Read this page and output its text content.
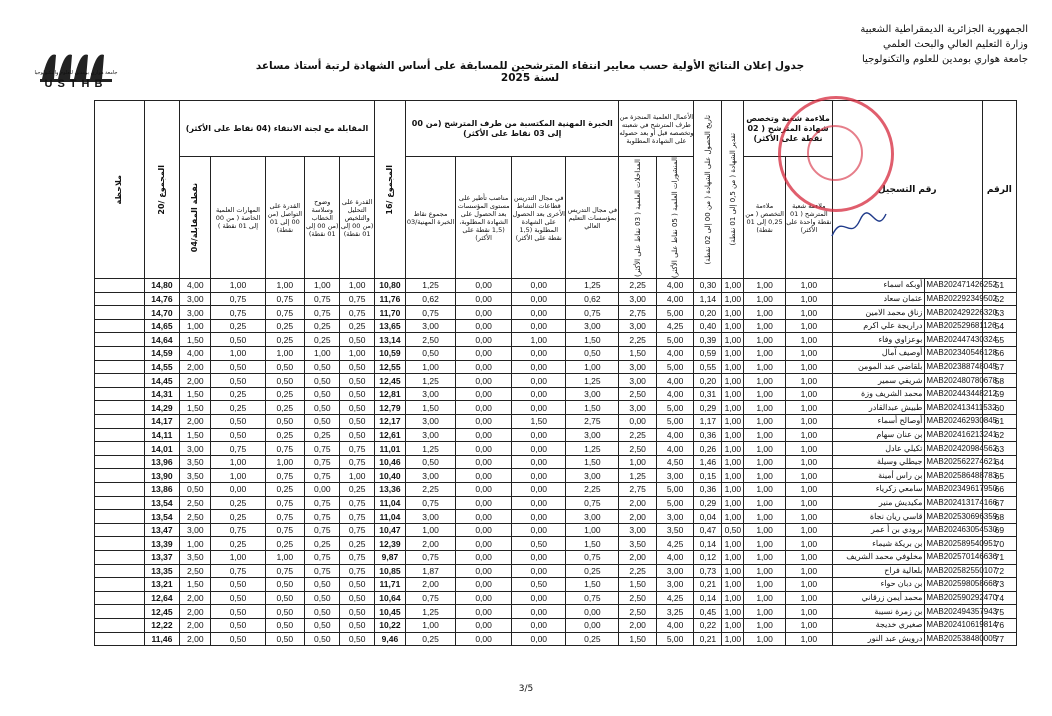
الجمهورية الجزائرية الديمقراطية الشعبية
وزارة التعليم العالي والبحث العلمي
جامعة هواري بومدين للعلوم والتكنولوجيا
جامعة هواري بومدين للعلوم والتكنولوجيا
USTHB
جدول إعلان النتائج الأولية حسب معايير انتقاء المترشحين للمسابقة على أساس الشهادة لرتبة أستاذ مساعد لسنة 2025
الرقم	رقم التسجيل		ملاءمة شعبة وتخصص شهادة المترشح ( 02 نقطة على الأكثر)		تقدير الشهادة ( من 0,5 إلى 01 نقطة)	تاريخ الحصول على الشهادة ( من 00 إلى 02 نقطة)	الأعمال العلمية المنجزة من طرف المترشح في شعبته وتخصصه قبل أو بعد حصوله على الشهادة المطلوبة		الخبرة المهنية المكتسبة من طرف المترشح (من 00 إلى 03 نقاط على الأكثر)				المجموع /16	المقابلة مع لجنة الانتقاء (04 نقاط على الأكثر)					المجموع /20	ملاحظة	

			ملاءمة شعبة المترشح ( 01 نقطة واحدة على الأكثر)	ملاءمة التخصص ( من 0,25 إلى 01 نقطة)			المنشورات العلمية ( 05 نقاط على الأكثر)	المداخلات العلمية ( 03 نقاط على الأكثر)	في مجال التدريس بمؤسسات التعليم العالي	في مجال التدريس قطاعات النشاط الأخرى بعد الحصول على الشهادة المطلوبة (1,5 نقطة على الأكثر)	مناصب تأطير على مستوى المؤسسات بعد الحصول على الشهادة المطلوبة، (1,5 نقطة على الأكثر)	مجموع نقاط الخبرة المهنية/03		القدرة على التحليل والتلخيص (من 00 إلى 01 نقطة)	وضوح وسلاسة الخطاب (من 00 إلى 01 نقطة)	القدرة على التواصل (من 00 إلى 01 نقطة)	المهارات العلمية الخاصة ( من 00 إلى 01 نقطة )	نقطة المقابلة/04			

51	MAB202471426252	أوبكه اسماء	1,00	1,00	1,00	0,30	4,00	2,25	1,25	0,00	0,00	1,25	10,80	1,00	1,00	1,00	1,00	4,00	14,80		
52	MAB202292349502	عثمان سعاد	1,00	1,00	1,00	1,14	4,00	3,00	0,62	0,00	0,00	0,62	11,76	0,75	0,75	0,75	0,75	3,00	14,76		
53	MAB202429226320	زناق محمد الامين	1,00	1,00	1,00	0,20	5,00	2,75	0,75	0,00	0,00	0,75	11,70	0,75	0,75	0,75	0,75	3,00	14,70		
54	MAB202529681126	دراريجة علي اكرم	1,00	1,00	1,00	0,40	4,25	3,00	3,00	0,00	0,00	3,00	13,65	0,25	0,25	0,25	0,25	1,00	14,65		
55	MAB202447430324	بوعزاوي وفاء	1,00	1,00	1,00	0,39	5,00	2,25	1,50	1,00	0,00	2,50	13,14	0,50	0,25	0,25	0,50	1,50	14,64		
56	MAB202340546128	أوصيف آمال	1,00	1,00	1,00	0,59	4,00	1,50	0,50	0,00	0,00	0,50	10,59	1,00	1,00	1,00	1,00	4,00	14,59		
57	MAB202388748045	بلقاضي عبد المومن	1,00	1,00	1,00	0,55	5,00	3,00	1,00	0,00	0,00	1,00	12,55	0,50	0,50	0,50	0,50	2,00	14,55		
58	MAB202480780678	شريفي سمير	1,00	1,00	1,00	0,20	4,00	3,00	1,25	0,00	0,00	1,25	12,45	0,50	0,50	0,50	0,50	2,00	14,45		
59	MAB202443448212	محمد الشريف وزة	1,00	1,00	1,00	0,31	4,00	2,50	3,00	0,00	0,00	3,00	12,81	0,50	0,50	0,25	0,25	1,50	14,31		
60	MAB202413411532	طبيش عبدالقادر	1,00	1,00	1,00	0,29	5,00	3,00	1,50	0,00	0,00	1,50	12,79	0,50	0,50	0,25	0,25	1,50	14,29		
61	MAB202462930845	أوصالح أسماء	1,00	1,00	1,00	1,17	5,00	0,00	2,75	1,50	0,00	3,00	12,17	0,50	0,50	0,50	0,50	2,00	14,17		
62	MAB202416213241	بن عنان سهام	1,00	1,00	1,00	0,36	4,00	2,25	3,00	0,00	0,00	3,00	12,61	0,50	0,25	0,25	0,50	1,50	14,11		
63	MAB202420984562	تكيلي عادل	1,00	1,00	1,00	0,26	4,00	2,50	1,25	0,00	0,00	1,25	11,01	0,75	0,75	0,75	0,75	3,00	14,01		
64	MAB202562274621	جيطلي وسيلة	1,00	1,00	1,00	1,46	4,50	1,00	1,50	0,00	0,00	0,50	10,46	0,75	0,75	1,00	1,00	3,50	13,96		
65	MAB202586488783	بن راس أمينة	1,00	1,00	1,00	0,15	3,00	1,25	3,00	0,00	0,00	3,00	10,40	1,00	0,75	0,75	1,00	3,50	13,90		
66	MAB202349617950	سامعي زكرياء	1,00	1,00	1,00	0,36	5,00	2,75	2,25	0,00	0,00	2,25	13,36	0,25	0,00	0,25	0,00	0,50	13,86		
67	MAB202413174166	مكيديش منير	1,00	1,00	1,00	0,29	5,00	2,00	0,75	0,00	0,00	0,75	11,04	0,75	0,75	0,75	0,25	2,50	13,54		
68	MAB202530696359	قاسي ريان نجاة	1,00	1,00	1,00	0,04	3,00	2,00	3,00	0,00	0,00	3,00	11,04	0,75	0,75	0,75	0,25	2,50	13,54		
69	MAB202463054530	برودي بن أ عمر	1,00	1,00	0,50	0,47	3,50	3,00	1,00	0,00	0,00	1,00	10,47	0,75	0,75	0,75	0,75	3,00	13,47		
70	MAB202589540951	بن بريكة شيماء	1,00	1,00	1,00	0,14	4,25	3,50	1,50	0,50	0,00	2,00	12,39	0,25	0,25	0,25	0,25	1,00	13,39		
71	MAB202570146636	مخلوفي محمد الشريف	1,00	1,00	1,00	0,12	4,00	2,00	0,75	0,00	0,00	0,75	9,87	0,75	0,75	1,00	1,00	3,50	13,37		
72	MAB202582550107	بلعالية فراح	1,00	1,00	1,00	0,73	3,00	2,25	0,25	0,00	0,00	1,87	10,85	0,75	0,75	0,75	0,75	2,50	13,35		
73	MAB202598058668	بن دبان حواء	1,00	1,00	1,00	0,21	3,00	1,50	1,50	0,50	0,00	2,00	11,71	0,50	0,50	0,50	0,50	1,50	13,21		
74	MAB202590292470	محمد أيمن زرقاني	1,00	1,00	1,00	0,14	4,25	2,50	0,75	0,00	0,00	0,75	10,64	0,50	0,50	0,50	0,50	2,00	12,64		
75	MAB202494357943	بن زمرة نسيبة	1,00	1,00	1,00	0,45	3,25	2,50	0,00	0,00	0,00	1,25	10,45	0,50	0,50	0,50	0,50	2,00	12,45		
76	MAB202410619814	صغيري خديجة	1,00	1,00	1,00	0,22	4,00	2,00	0,00	0,00	0,00	1,00	10,22	0,50	0,50	0,50	0,50	2,00	12,22		
77	MAB202538480005	درويش عبد النور	1,00	1,00	1,00	0,21	5,00	1,50	0,25	0,00	0,00	0,25	9,46	0,50	0,50	0,50	0,50	2,00	11,46		
3/5
